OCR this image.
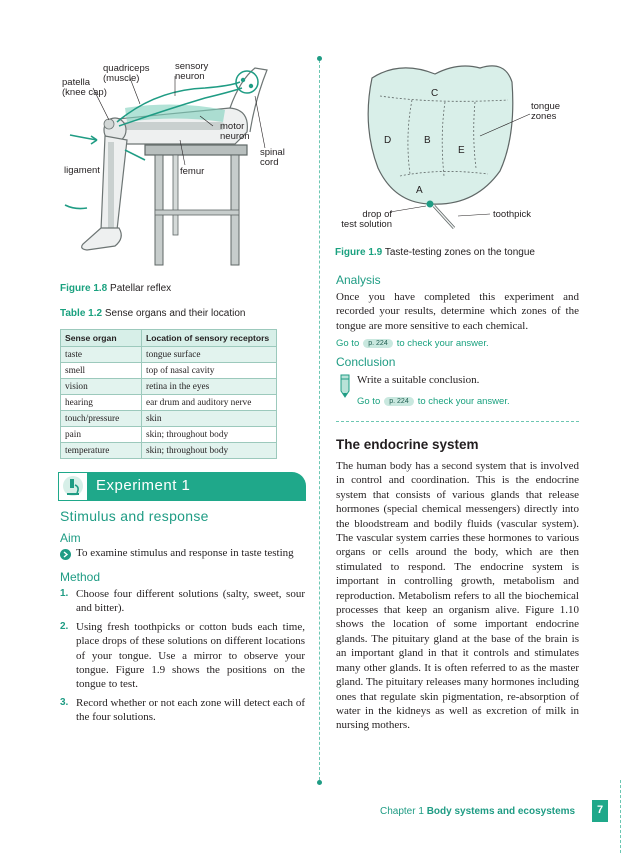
quadriceps
(muscle)
sensory
neuron
patella
(knee cap)
motor
neuron
spinal
cord
ligament	femur
Figure 1.8 Patellar reflex
Table 1.2 Sense organs and their location
Sense organ	Location of sensory receptors
taste	tongue surface
smell	top of nasal cavity
vision	retina in the eyes
hearing	ear drum and auditory nerve
touch/pressure	skin
pain	skin; throughout body
temperature	skin; throughout body
Experiment 1
Stimulus and response
Aim
To examine stimulus and response in taste testing
Method
1. Choose four different solutions (salty, sweet, sour and bitter).
2. Using fresh toothpicks or cotton buds each time, place drops of these solutions on different locations of your tongue. Use a mirror to observe your tongue. Figure 1.9 shows the positions on the tongue to test.
3. Record whether or not each zone will detect each of the four solutions.
C
D	B
E
A
tongue
zones
drop of
test solution
toothpick
Figure 1.9 Taste-testing zones on the tongue
Analysis
Once you have completed this experiment and recorded your results, determine which zones of the tongue are more sensitive to each chemical.
Go to p. 224 to check your answer.
Conclusion
Write a suitable conclusion.
Go to p. 224 to check your answer.
The endocrine system
The human body has a second system that is involved in control and coordination. This is the endocrine system that consists of various glands that release hormones (special chemical messengers) directly into the bloodstream and bodily fluids (vascular system). The vascular system carries these hormones to various organs or cells around the body, which are then stimulated to respond. The endocrine system is important in controlling growth, metabolism and reproduction. Metabolism refers to all the biochemical processes that keep an organism alive. Figure 1.10 shows the location of some important endocrine glands. The pituitary gland at the base of the brain is an important gland in that it controls and stimulates many other glands. It is often referred to as the master gland. The pituitary releases many hormones including ones that regulate skin pigmentation, re-absorption of water in the kidneys as well as excretion of milk in nursing mothers.
Chapter 1 Body systems and ecosystems	7
